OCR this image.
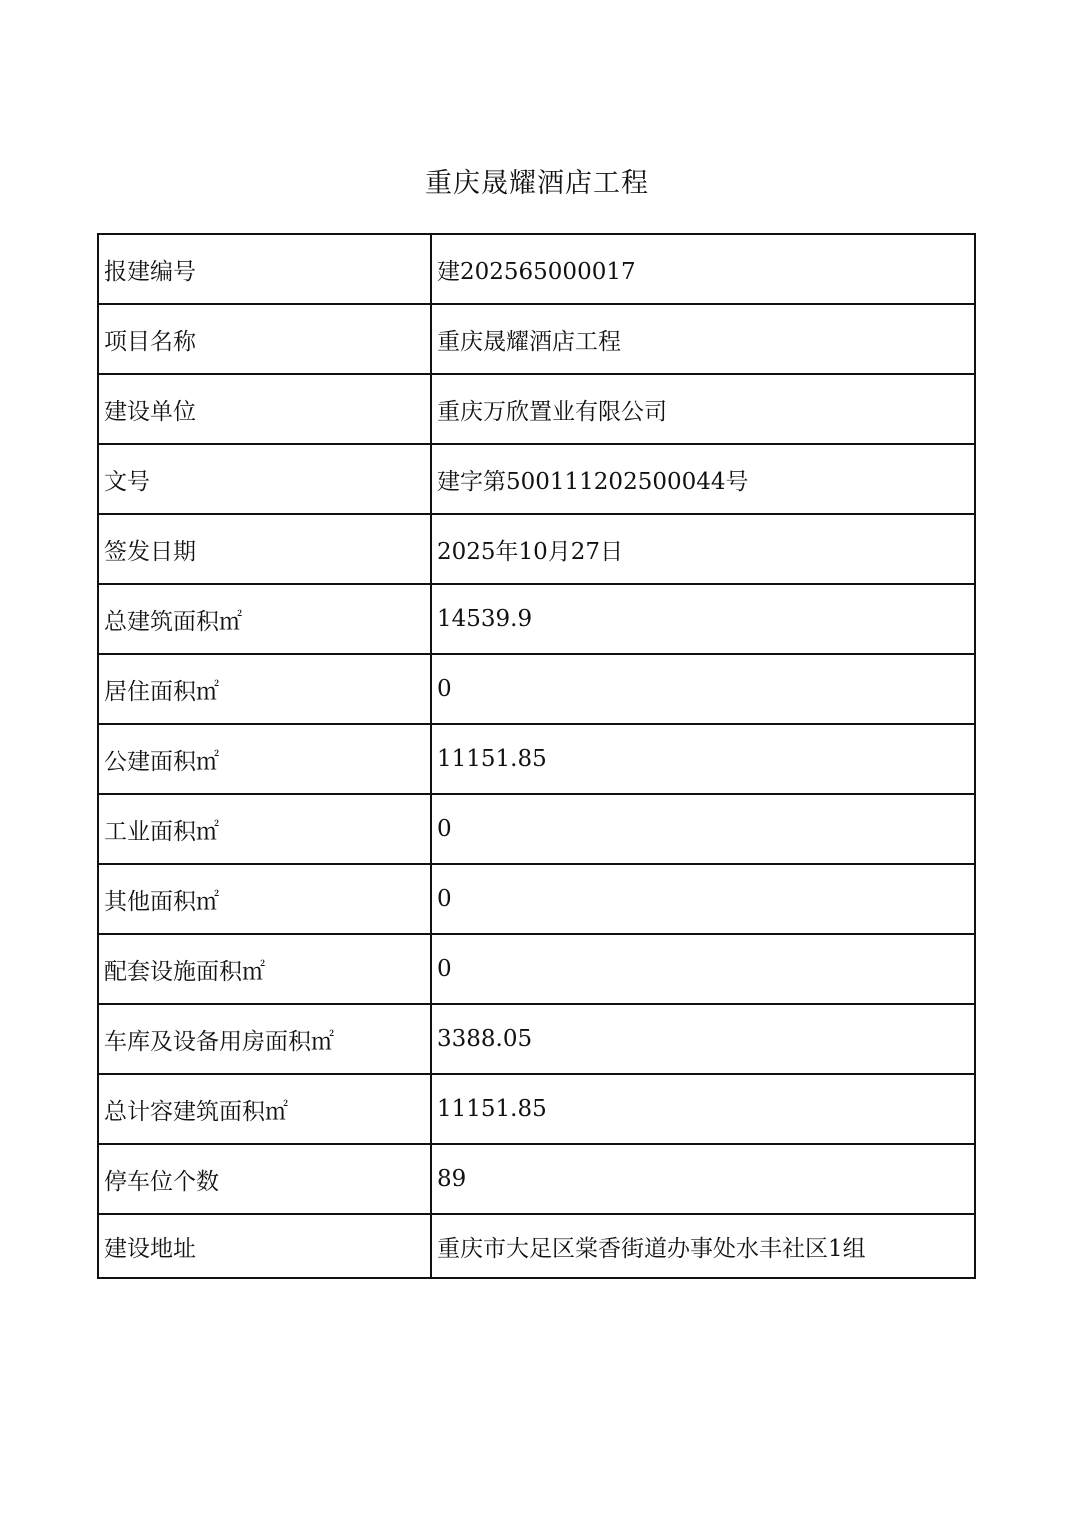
重庆晟耀酒店工程
报建编号	建202565000017
项目名称	重庆晟耀酒店工程
建设单位	重庆万欣置业有限公司
文号	建字第500111202500044号
签发日期	2025年10月27日
总建筑面积㎡	14539.9
居住面积㎡	0
公建面积㎡	11151.85
工业面积㎡	0
其他面积㎡	0
配套设施面积㎡	0
车库及设备用房面积㎡	3388.05
总计容建筑面积㎡	11151.85
停车位个数	89
建设地址	重庆市大足区棠香街道办事处水丰社区1组
